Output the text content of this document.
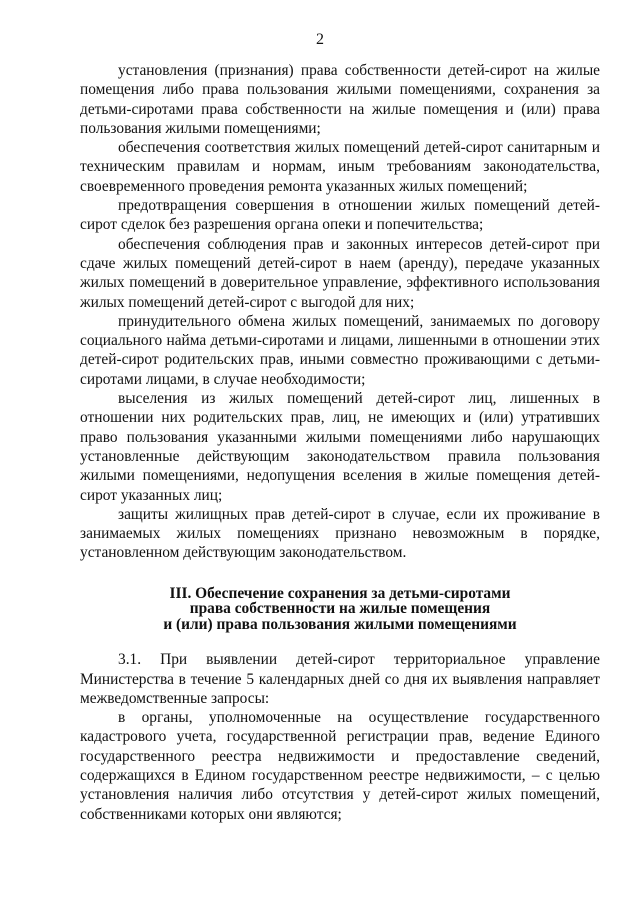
2

установления (признания) права собственности детей-сирот на жилые помещения либо права пользования жилыми помещениями, сохранения за детьми-сиротами права собственности на жилые помещения и (или) права пользования жилыми помещениями;

обеспечения соответствия жилых помещений детей-сирот санитарным и техническим правилам и нормам, иным требованиям законодательства, своевременного проведения ремонта указанных жилых помещений;

предотвращения совершения в отношении жилых помещений детей-сирот сделок без разрешения органа опеки и попечительства;

обеспечения соблюдения прав и законных интересов детей-сирот при сдаче жилых помещений детей-сирот в наем (аренду), передаче указанных жилых помещений в доверительное управление, эффективного использования жилых помещений детей-сирот с выгодой для них;

принудительного обмена жилых помещений, занимаемых по договору социального найма детьми-сиротами и лицами, лишенными в отношении этих детей-сирот родительских прав, иными совместно проживающими с детьми-сиротами лицами, в случае необходимости;

выселения из жилых помещений детей-сирот лиц, лишенных в отношении них родительских прав, лиц, не имеющих и (или) утративших право пользования указанными жилыми помещениями либо нарушающих установленные действующим законодательством правила пользования жилыми помещениями, недопущения вселения в жилые помещения детей-сирот указанных лиц;

защиты жилищных прав детей-сирот в случае, если их проживание в занимаемых жилых помещениях признано невозможным в порядке, установленном действующим законодательством.

III. Обеспечение сохранения за детьми-сиротами
права собственности на жилые помещения
и (или) права пользования жилыми помещениями

3.1. При выявлении детей-сирот территориальное управление Министерства в течение 5 календарных дней со дня их выявления направляет межведомственные запросы:

в органы, уполномоченные на осуществление государственного кадастрового учета, государственной регистрации прав, ведение Единого государственного реестра недвижимости и предоставление сведений, содержащихся в Едином государственном реестре недвижимости, – с целью установления наличия либо отсутствия у детей-сирот жилых помещений, собственниками которых они являются;
